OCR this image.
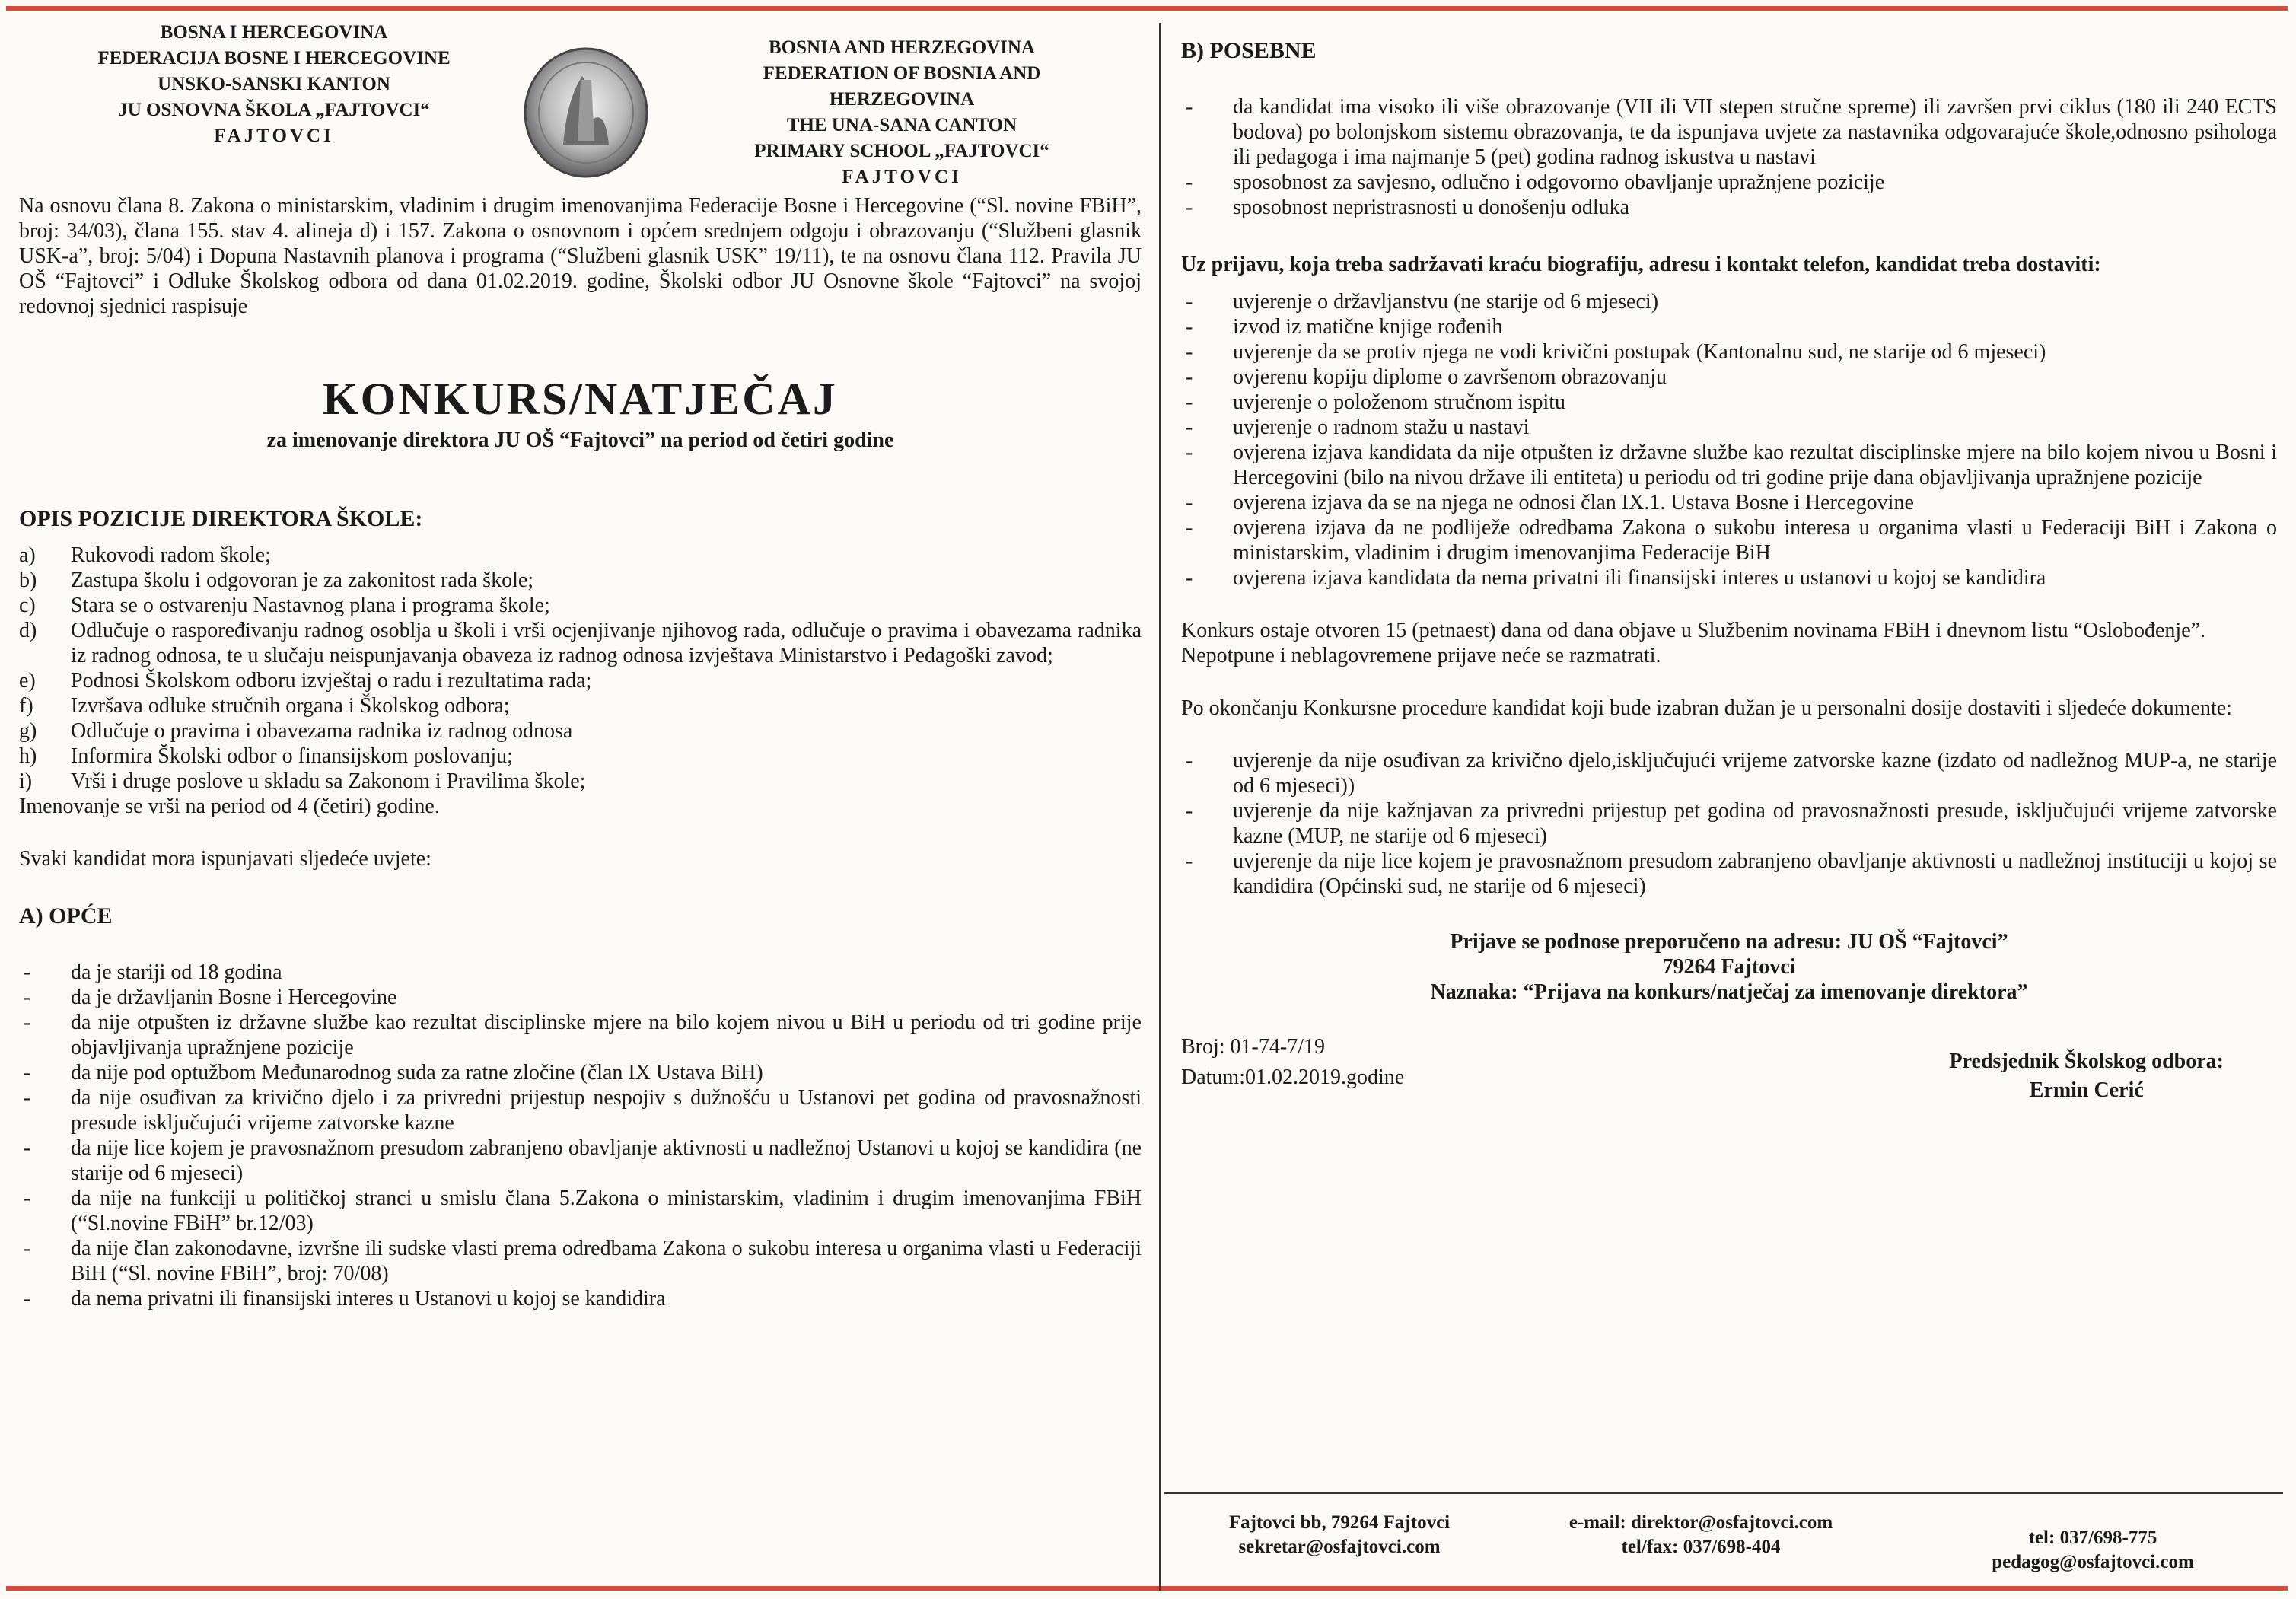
BOSNA I HERCEGOVINA
FEDERACIJA BOSNE I HERCEGOVINE
UNSKO-SANSKI KANTON
JU OSNOVNA ŠKOLA „FAJTOVCI“
FAJTOVCI
BOSNIA AND HERZEGOVINA
FEDERATION OF BOSNIA AND HERZEGOVINA
THE UNA-SANA CANTON
PRIMARY SCHOOL „FAJTOVCI“
FAJTOVCI

Na osnovu člana 8. Zakona o ministarskim, vladinim i drugim imenovanjima Federacije Bosne i Hercegovine (“Sl. novine FBiH”, broj: 34/03), člana 155. stav 4. alineja d) i 157. Zakona o osnovnom i općem srednjem odgoju i obrazovanju (“Službeni glasnik USK-a”, broj: 5/04) i Dopuna Nastavnih planova i programa (“Službeni glasnik USK” 19/11), te na osnovu člana 112. Pravila JU OŠ “Fajtovci” i Odluke Školskog odbora od dana 01.02.2019. godine, Školski odbor JU Osnovne škole “Fajtovci” na svojoj redovnoj sjednici raspisuje

KONKURS/NATJEČAJ
za imenovanje direktora JU OŠ “Fajtovci” na period od četiri godine
OPIS POZICIJE DIREKTORA ŠKOLE:
a) Rukovodi radom škole;
b) Zastupa školu i odgovoran je za zakonitost rada škole;
c) Stara se o ostvarenju Nastavnog plana i programa škole;
d) Odlučuje o raspoređivanju radnog osoblja u školi i vrši ocjenjivanje njihovog rada, odlučuje o pravima i obavezama radnika iz radnog odnosa, te u slučaju neispunjavanja obaveza iz radnog odnosa izvještava Ministarstvo i Pedagoški zavod;
e) Podnosi Školskom odboru izvještaj o radu i rezultatima rada;
f) Izvršava odluke stručnih organa i Školskog odbora;
g) Odlučuje o pravima i obavezama radnika iz radnog odnosa
h) Informira Školski odbor o finansijskom poslovanju;
i) Vrši i druge poslove u skladu sa Zakonom i Pravilima škole;

Imenovanje se vrši na period od 4 (četiri) godine.

Svaki kandidat mora ispunjavati sljedeće uvjete:

A) OPĆE
- da je stariji od 18 godina
- da je državljanin Bosne i Hercegovine
- da nije otpušten iz državne službe kao rezultat disciplinske mjere na bilo kojem nivou u BiH u periodu od tri godine prije objavljivanja upražnjene pozicije
- da nije pod optužbom Međunarodnog suda za ratne zločine (član IX Ustava BiH)
- da nije osuđivan za krivično djelo i za privredni prijestup nespojiv s dužnošću u Ustanovi pet godina od pravosnažnosti presude isključujući vrijeme zatvorske kazne
- da nije lice kojem je pravosnažnom presudom zabranjeno obavljanje aktivnosti u nadležnoj Ustanovi u kojoj se kandidira (ne starije od 6 mjeseci)
- da nije na funkciji u političkoj stranci u smislu člana 5.Zakona o ministarskim, vladinim i drugim imenovanjima FBiH (“Sl.novine FBiH” br.12/03)
- da nije član zakonodavne, izvršne ili sudske vlasti prema odredbama Zakona o sukobu interesa u organima vlasti u Federaciji BiH (“Sl. novine FBiH”, broj: 70/08)
- da nema privatni ili finansijski interes u Ustanovi u kojoj se kandidira
B) POSEBNE
- da kandidat ima visoko ili više obrazovanje (VII ili VII stepen stručne spreme) ili završen prvi ciklus (180 ili 240 ECTS bodova) po bolonjskom sistemu obrazovanja, te da ispunjava uvjete za nastavnika odgovarajuće škole,odnosno psihologa ili pedagoga i ima najmanje 5 (pet) godina radnog iskustva u nastavi
- sposobnost za savjesno, odlučno i odgovorno obavljanje upražnjene pozicije
- sposobnost nepristrasnosti u donošenju odluka

Uz prijavu, koja treba sadržavati kraću biografiju, adresu i kontakt telefon, kandidat treba dostaviti:

- uvjerenje o državljanstvu (ne starije od 6 mjeseci)
- izvod iz matične knjige rođenih
- uvjerenje da se protiv njega ne vodi krivični postupak (Kantonalnu sud, ne starije od 6 mjeseci)
- ovjerenu kopiju diplome o završenom obrazovanju
- uvjerenje o položenom stručnom ispitu
- uvjerenje o radnom stažu u nastavi
- ovjerena izjava kandidata da nije otpušten iz državne službe kao rezultat disciplinske mjere na bilo kojem nivou u Bosni i Hercegovini (bilo na nivou države ili entiteta) u periodu od tri godine prije dana objavljivanja upražnjene pozicije
- ovjerena izjava da se na njega ne odnosi član IX.1. Ustava Bosne i Hercegovine
- ovjerena izjava da ne podliježe odredbama Zakona o sukobu interesa u organima vlasti u Federaciji BiH i Zakona o ministarskim, vladinim i drugim imenovanjima Federacije BiH
- ovjerena izjava kandidata da nema privatni ili finansijski interes u ustanovi u kojoj se kandidira

Konkurs ostaje otvoren 15 (petnaest) dana od dana objave u Službenim novinama FBiH i dnevnom listu “Oslobođenje”.

Nepotpune i neblagovremene prijave neće se razmatrati.

Po okončanju Konkursne procedure kandidat koji bude izabran dužan je u personalni dosije dostaviti i sljedeće dokumente:

- uvjerenje da nije osuđivan za krivično djelo,isključujući vrijeme zatvorske kazne (izdato od nadležnog MUP-a, ne starije od 6 mjeseci))
- uvjerenje da nije kažnjavan za privredni prijestup pet godina od pravosnažnosti presude, isključujući vrijeme zatvorske kazne (MUP, ne starije od 6 mjeseci)
- uvjerenje da nije lice kojem je pravosnažnom presudom zabranjeno obavljanje aktivnosti u nadležnoj instituciji u kojoj se kandidira (Općinski sud, ne starije od 6 mjeseci)
Prijave se podnose preporučeno na adresu: JU OŠ “Fajtovci”
79264 Fajtovci
Naznaka: “Prijava na konkurs/natječaj za imenovanje direktora”
Broj: 01-74-7/19
Datum:01.02.2019.godine
Predsjednik Školskog odbora:
Ermin Cerić
Fajtovci bb, 79264 Fajtovci
sekretar@osfajtovci.com
e-mail: direktor@osfajtovci.com
tel/fax: 037/698-404	tel: 037/698-775
pedagog@osfajtovci.com
